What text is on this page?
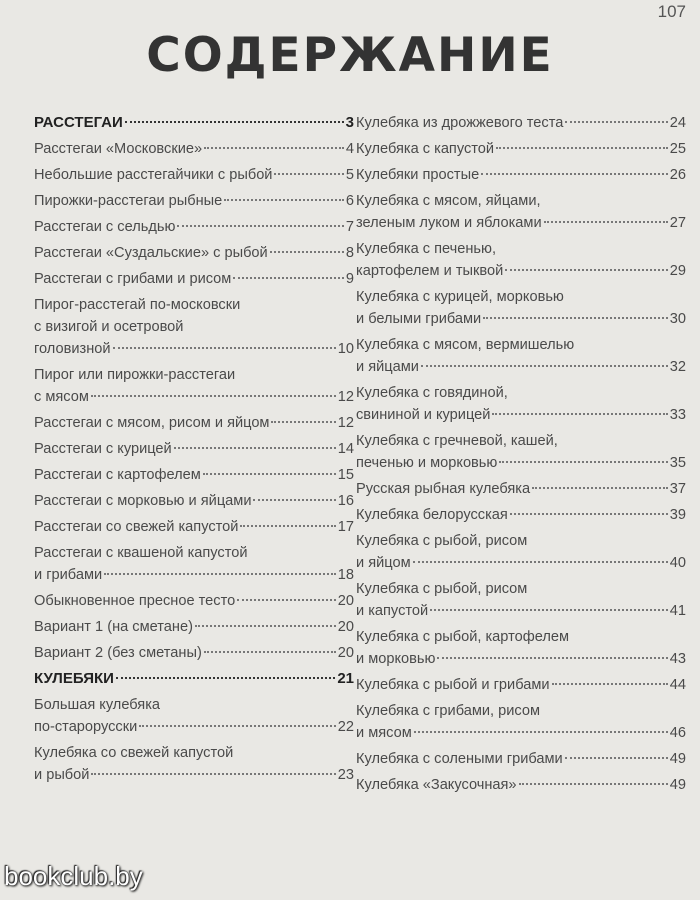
107
СОДЕРЖАНИЕ
РАССТЕГАИ	3
Расстегаи «Московские»	4
Небольшие расстегайчики с рыбой	5
Пирожки-расстегаи рыбные	6
Расстегаи с сельдью	7
Расстегаи «Суздальские» с рыбой	8
Расстегаи с грибами и рисом	9
Пирог-расстегай по-московски
с визигой и осетровой
головизной	10
Пирог или пирожки-расстегаи
с мясом	12
Расстегаи с мясом, рисом и яйцом	12
Расстегаи с курицей	14
Расстегаи с картофелем	15
Расстегаи с морковью и яйцами	16
Расстегаи со свежей капустой	17
Расстегаи с квашеной капустой
и грибами	18
Обыкновенное пресное тесто	20
Вариант 1 (на сметане)	20
Вариант 2 (без сметаны)	20
КУЛЕБЯКИ	21
Большая кулебяка
по-старорусски	22
Кулебяка со свежей капустой
и рыбой	23
Кулебяка из дрожжевого теста	24
Кулебяка с капустой	25
Кулебяки простые	26
Кулебяка с мясом, яйцами,
зеленым луком и яблоками	27
Кулебяка с печенью,
картофелем и тыквой	29
Кулебяка с курицей, морковью
и белыми грибами	30
Кулебяка с мясом, вермишелью
и яйцами	32
Кулебяка с говядиной,
свининой и курицей	33
Кулебяка с гречневой, кашей,
печенью и морковью	35
Русская рыбная кулебяка	37
Кулебяка белорусская	39
Кулебяка с рыбой, рисом
и яйцом	40
Кулебяка с рыбой, рисом
и капустой	41
Кулебяка с рыбой, картофелем
и морковью	43
Кулебяка с рыбой и грибами	44
Кулебяка с грибами, рисом
и мясом	46
Кулебяка с солеными грибами	49
Кулебяка «Закусочная»	49
bookclub.by
